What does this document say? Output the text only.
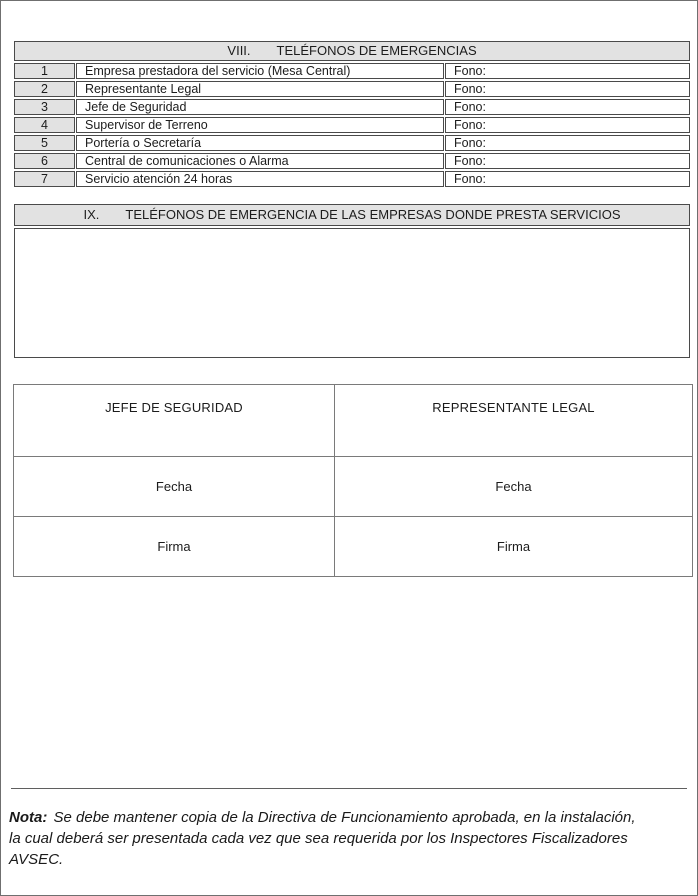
VIII. TELÉFONOS DE EMERGENCIAS		
1	Empresa prestadora del servicio (Mesa Central)	Fono:
2	Representante Legal	Fono:
3	Jefe de Seguridad	Fono:
4	Supervisor de Terreno	Fono:
5	Portería o Secretaría	Fono:
6	Central de comunicaciones o Alarma	Fono:
7	Servicio atención 24 horas	Fono:
IX. TELÉFONOS DE EMERGENCIA DE LAS EMPRESAS DONDE PRESTA SERVICIOS

JEFE DE SEGURIDAD	REPRESENTANTE LEGAL
Fecha	Fecha
Firma	Firma
Nota: Se debe mantener copia de la Directiva de Funcionamiento aprobada, en la instalación,
la cual deberá ser presentada cada vez que sea requerida por los Inspectores Fiscalizadores
AVSEC.
